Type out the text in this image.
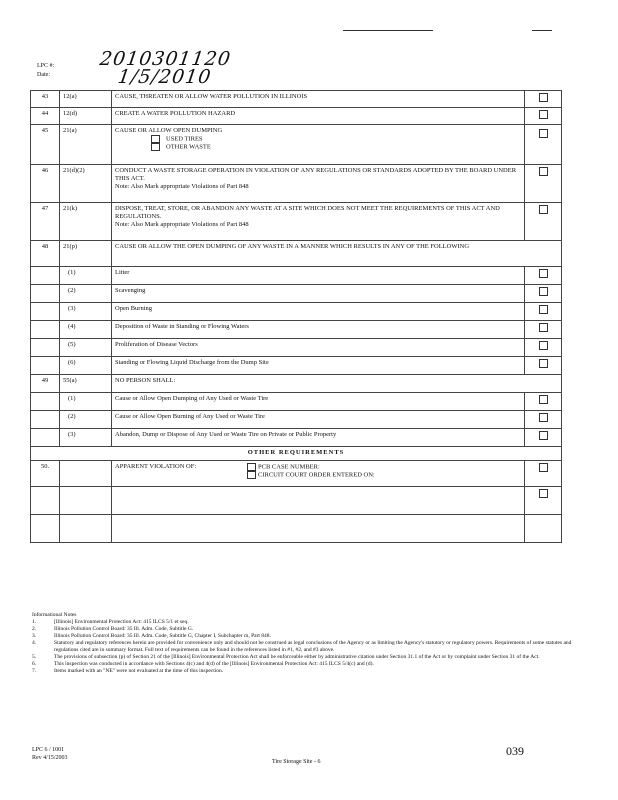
LPC #:
Date:
2010301120
1/5/2010
43	12(a)	CAUSE, THREATEN OR ALLOW WATER POLLUTION IN ILLINOIS	
44	12(d)	CREATE A WATER POLLUTION HAZARD	
45	21(a)	CAUSE OR ALLOW OPEN DUMPING
USED TIRES
OTHER WASTE	

46	21(d)(2)	CONDUCT A WASTE STORAGE OPERATION IN VIOLATION OF ANY REGULATIONS OR STANDARDS ADOPTED BY THE BOARD UNDER THIS ACT.
Note: Also Mark appropriate Violations of Part 848	

47	21(k)	DISPOSE, TREAT, STORE, OR ABANDON ANY WASTE AT A SITE WHICH DOES NOT MEET THE REQUIREMENTS OF THIS ACT AND REGULATIONS.
Note: Also Mark appropriate Violations of Part 848	

48	21(p)	CAUSE OR ALLOW THE OPEN DUMPING OF ANY WASTE IN A MANNER WHICH RESULTS IN ANY OF THE FOLLOWING	
	(1)	Litter	
	(2)	Scavenging	
	(3)	Open Burning	
	(4)	Deposition of Waste in Standing or Flowing Waters	
	(5)	Proliferation of Disease Vectors	
	(6)	Standing or Flowing Liquid Discharge from the Dump Site	
49	55(a)	NO PERSON SHALL:	
	(1)	Cause or Allow Open Dumping of Any Used or Waste Tire	
	(2)	Cause or Allow Open Burning of Any Used or Waste Tire	
	(3)	Abandon, Dump or Dispose of Any Used or Waste Tire on Private or Public Property	
OTHER REQUIREMENTS			
50.		APPARENT VIOLATION OF: PCB CASE NUMBER:
CIRCUIT COURT ORDER ENTERED ON:	

Informational Notes
1.	[Illinois] Environmental Protection Act: 415 ILCS 5/1 et seq.
2.	Illinois Pollution Control Board: 35 Ill. Adm. Code, Subtitle G.
3.	Illinois Pollution Control Board: 35 Ill. Adm. Code, Subtitle G, Chapter I, Subchapter m, Part 848.
4.	Statutory and regulatory references herein are provided for convenience only and should not be construed as legal conclusions of the Agency or as limiting the Agency's statutory or regulatory powers. Requirements of some statutes and regulations cited are in summary format. Full text of requirements can be found in the references listed in #1, #2, and #3 above.
5.	The provisions of subsection (p) of Section 21 of the [Illinois] Environmental Protection Act shall be enforceable either by administrative citation under Section 31.1 of the Act or by complaint under Section 31 of the Act.
6.	This inspection was conducted in accordance with Sections 4(c) and 4(d) of the [Illinois] Environmental Protection Act: 415 ILCS 5/4(c) and (d).
7.	Items marked with an "NE" were not evaluated at the time of this inspection.
LPC 6 / 1001
Rev 4/15/2003
Tire Storage Site - 6
039
